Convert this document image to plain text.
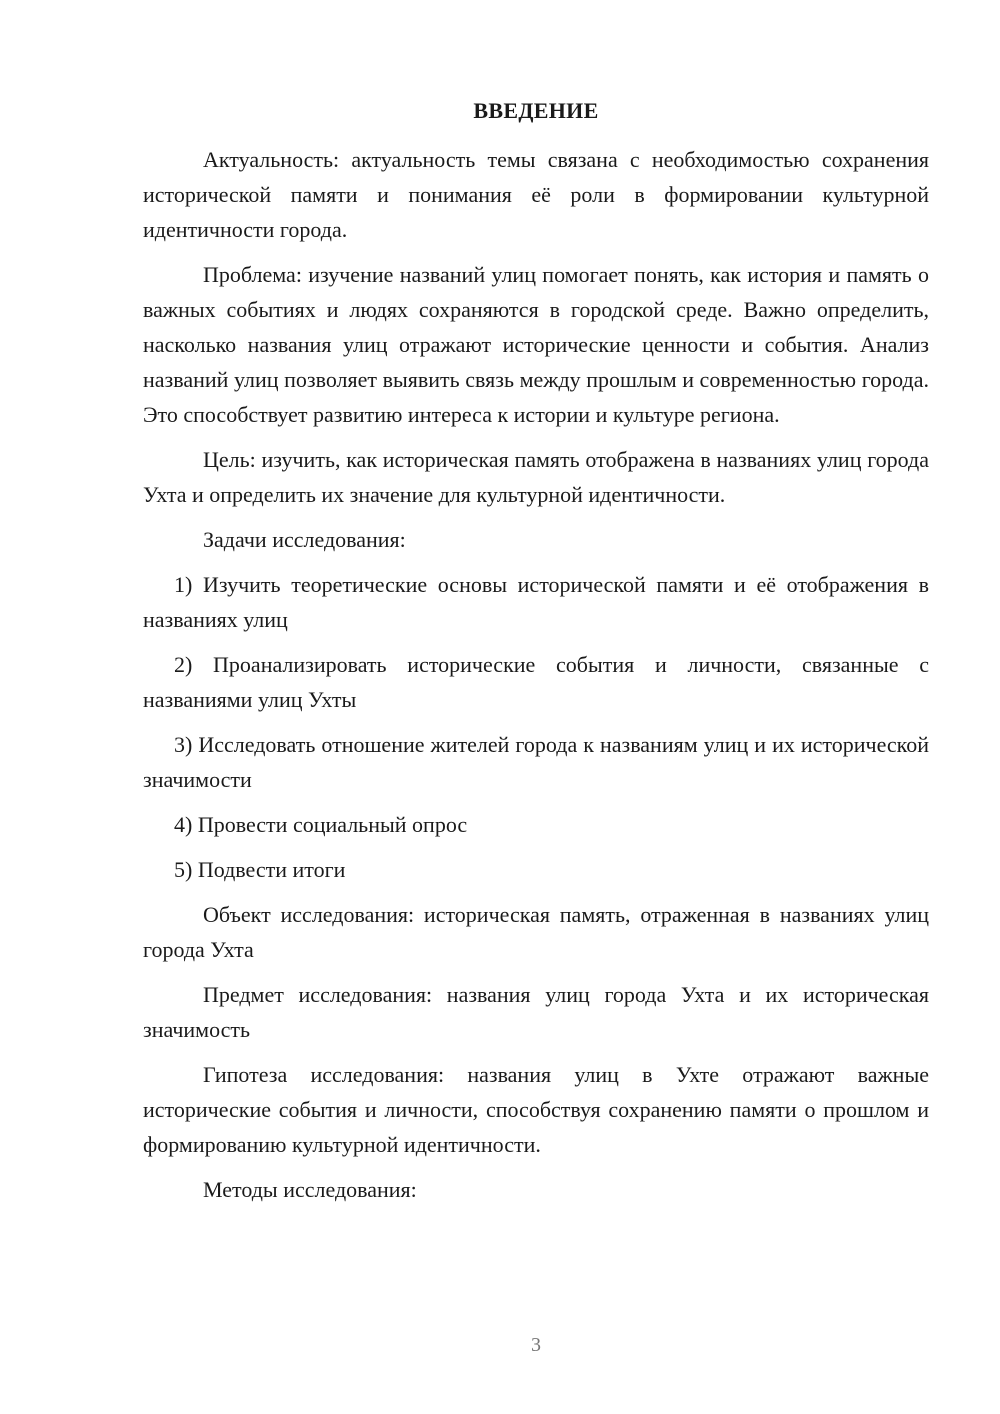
ВВЕДЕНИЕ

Актуальность: актуальность темы связана с необходимостью сохранения исторической памяти и понимания её роли в формировании культурной идентичности города.

Проблема: изучение названий улиц помогает понять, как история и память о важных событиях и людях сохраняются в городской среде. Важно определить, насколько названия улиц отражают исторические ценности и события. Анализ названий улиц позволяет выявить связь между прошлым и современностью города. Это способствует развитию интереса к истории и культуре региона.

Цель: изучить, как историческая память отображена в названиях улиц города Ухта и определить их значение для культурной идентичности.

Задачи исследования:

1) Изучить теоретические основы исторической памяти и её отображения в названиях улиц

2) Проанализировать исторические события и личности, связанные с названиями улиц Ухты

3) Исследовать отношение жителей города к названиям улиц и их исторической значимости

4) Провести социальный опрос

5) Подвести итоги

Объект исследования: историческая память, отраженная в названиях улиц города Ухта

Предмет исследования: названия улиц города Ухта и их историческая значимость

Гипотеза исследования: названия улиц в Ухте отражают важные исторические события и личности, способствуя сохранению памяти о прошлом и формированию культурной идентичности.

Методы исследования:

3
